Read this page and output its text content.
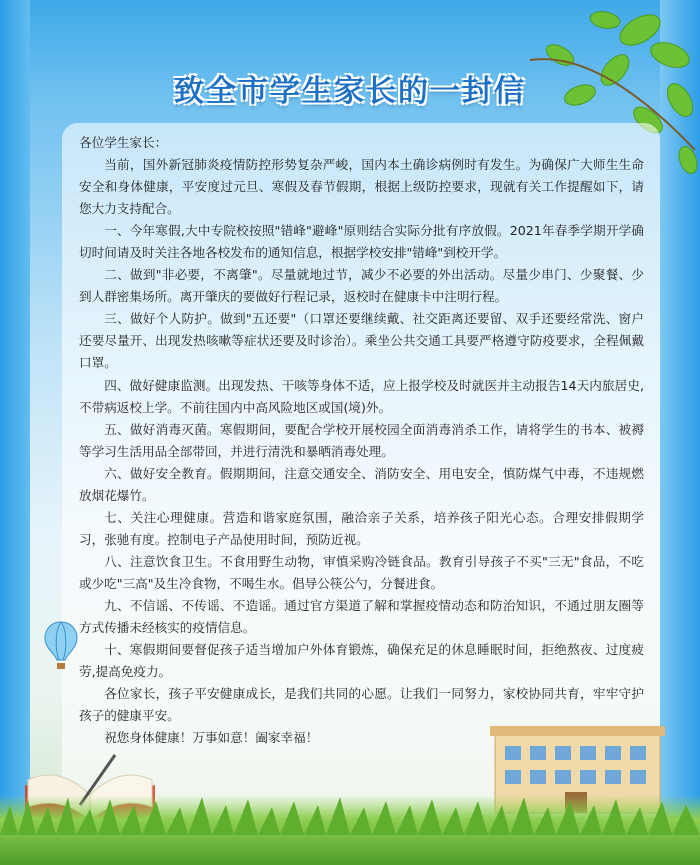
致全市学生家长的一封信

各位学生家长：

当前，国外新冠肺炎疫情防控形势复杂严峻，国内本土确诊病例时有发生。为确保广大师生生命安全和身体健康，平安度过元旦、寒假及春节假期，根据上级防控要求，现就有关工作提醒如下，请您大力支持配合。

一、今年寒假,大中专院校按照"错峰"避峰"原则结合实际分批有序放假。2021年春季学期开学确切时间请及时关注各地各校发布的通知信息，根据学校安排"错峰"到校开学。

二、做到"非必要，不离肇"。尽量就地过节，减少不必要的外出活动。尽量少串门、少聚餐、少到人群密集场所。离开肇庆的要做好行程记录，返校时在健康卡中注明行程。

三、做好个人防护。做到"五还要"（口罩还要继续戴、社交距离还要留、双手还要经常洗、窗户还要尽量开、出现发热咳嗽等症状还要及时诊治）。乘坐公共交通工具要严格遵守防疫要求，全程佩戴口罩。

四、做好健康监测。出现发热、干咳等身体不适，应上报学校及时就医并主动报告14天内旅居史,不带病返校上学。不前往国内中高风险地区或国(境)外。

五、做好消毒灭菌。寒假期间，要配合学校开展校园全面消毒消杀工作，请将学生的书本、被褥等学习生活用品全部带回，并进行清洗和暴晒消毒处理。

六、做好安全教育。假期期间，注意交通安全、消防安全、用电安全，慎防煤气中毒，不违规燃放烟花爆竹。

七、关注心理健康。营造和谐家庭氛围，融洽亲子关系，培养孩子阳光心态。合理安排假期学习，张驰有度。控制电子产品使用时间，预防近视。

八、注意饮食卫生。不食用野生动物，审慎采购冷链食品。教育引导孩子不买"三无"食品，不吃或少吃"三高"及生冷食物，不喝生水。倡导公筷公勺，分餐进食。

九、不信谣、不传谣、不造谣。通过官方渠道了解和掌握疫情动态和防治知识，不通过朋友圈等方式传播未经核实的疫情信息。

十、寒假期间要督促孩子适当增加户外体育锻炼，确保充足的休息睡眠时间，拒绝熬夜、过度疲劳,提高免疫力。

各位家长，孩子平安健康成长，是我们共同的心愿。让我们一同努力，家校协同共育，牢牢守护孩子的健康平安。

祝您身体健康！万事如意！阖家幸福！
